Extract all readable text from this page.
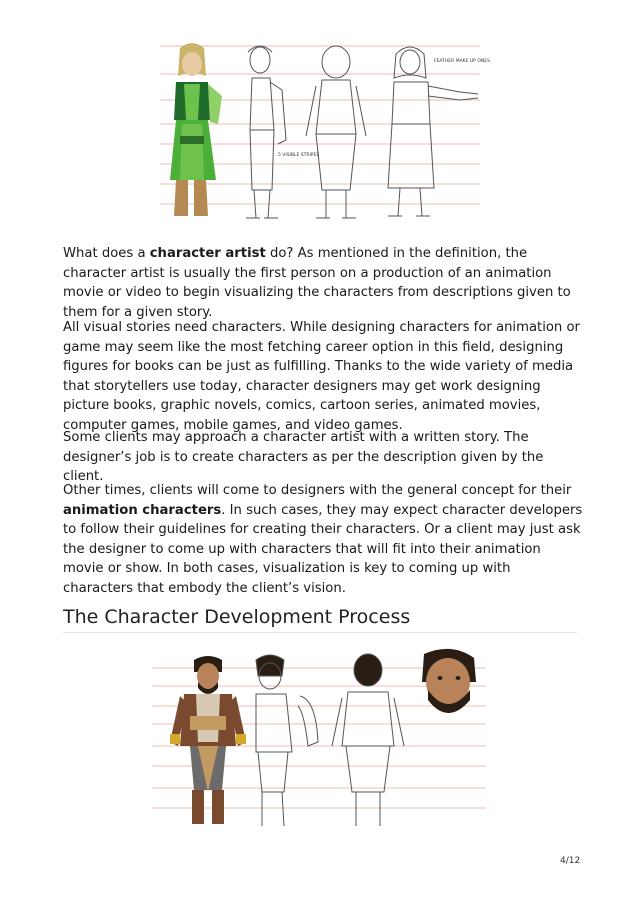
FEATHER MAKE UP ONES
5 VISIBLE STRIPES

What does a character artist do? As mentioned in the definition, the character artist is usually the first person on a production of an animation movie or video to begin visualizing the characters from descriptions given to them for a given story.

All visual stories need characters. While designing characters for animation or game may seem like the most fetching career option in this field, designing figures for books can be just as fulfilling. Thanks to the wide variety of media that storytellers use today, character designers may get work designing picture books, graphic novels, comics, cartoon series, animated movies, computer games, mobile games, and video games.

Some clients may approach a character artist with a written story. The designer’s job is to create characters as per the description given by the client.

Other times, clients will come to designers with the general concept for their animation characters. In such cases, they may expect character developers to follow their guidelines for creating their characters. Or a client may just ask the designer to come up with characters that will fit into their animation movie or show. In both cases, visualization is key to coming up with characters that embody the client’s vision.

The Character Development Process
4/12
